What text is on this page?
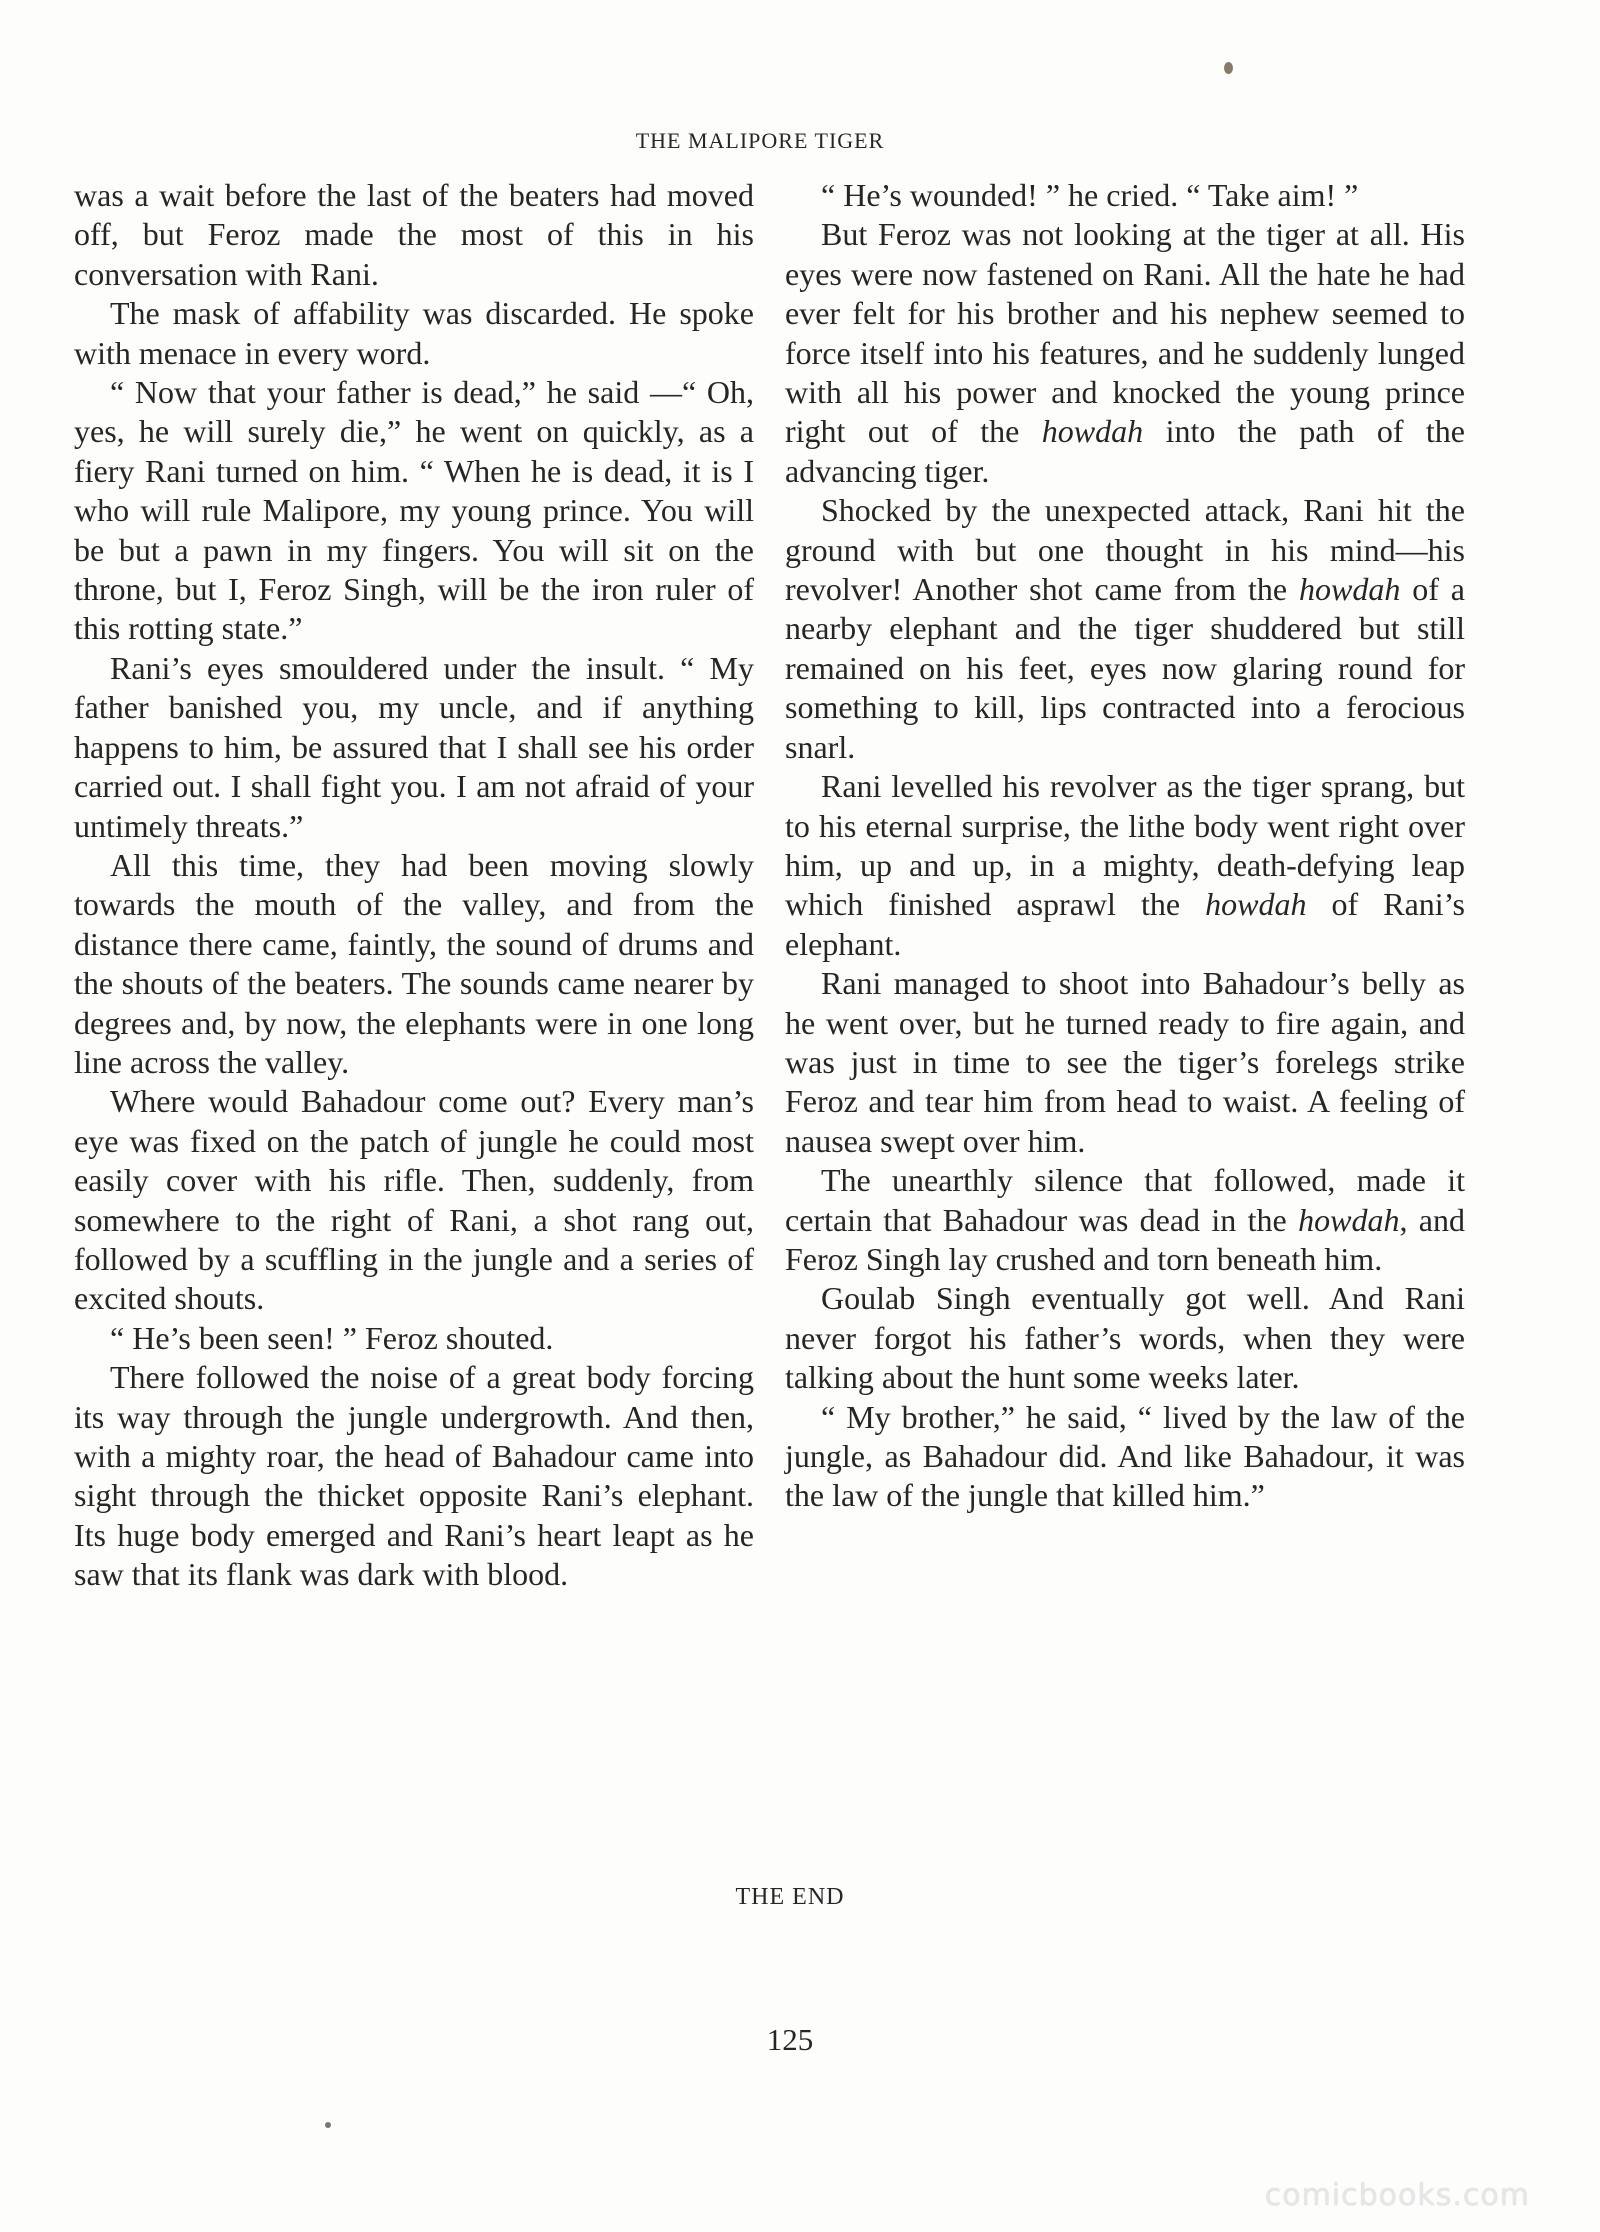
THE MALIPORE TIGER

was a wait before the last of the beaters had moved off, but Feroz made the most of this in his conversation with Rani.

The mask of affability was discarded. He spoke with menace in every word.

“ Now that your father is dead,” he said —“ Oh, yes, he will surely die,” he went on quickly, as a fiery Rani turned on him. “ When he is dead, it is I who will rule Malipore, my young prince. You will be but a pawn in my fingers. You will sit on the throne, but I, Feroz Singh, will be the iron ruler of this rotting state.”

Rani’s eyes smouldered under the insult. “ My father banished you, my uncle, and if anything happens to him, be assured that I shall see his order carried out. I shall fight you. I am not afraid of your untimely threats.”

All this time, they had been moving slowly towards the mouth of the valley, and from the distance there came, faintly, the sound of drums and the shouts of the beaters. The sounds came nearer by degrees and, by now, the elephants were in one long line across the valley.

Where would Bahadour come out? Every man’s eye was fixed on the patch of jungle he could most easily cover with his rifle. Then, suddenly, from somewhere to the right of Rani, a shot rang out, followed by a scuffling in the jungle and a series of excited shouts.

“ He’s been seen! ” Feroz shouted.

There followed the noise of a great body forcing its way through the jungle undergrowth. And then, with a mighty roar, the head of Bahadour came into sight through the thicket opposite Rani’s elephant. Its huge body emerged and Rani’s heart leapt as he saw that its flank was dark with blood.

“ He’s wounded! ” he cried. “ Take aim! ”

But Feroz was not looking at the tiger at all. His eyes were now fastened on Rani. All the hate he had ever felt for his brother and his nephew seemed to force itself into his features, and he suddenly lunged with all his power and knocked the young prince right out of the howdah into the path of the advancing tiger.

Shocked by the unexpected attack, Rani hit the ground with but one thought in his mind—his revolver! Another shot came from the howdah of a nearby elephant and the tiger shuddered but still remained on his feet, eyes now glaring round for something to kill, lips contracted into a ferocious snarl.

Rani levelled his revolver as the tiger sprang, but to his eternal surprise, the lithe body went right over him, up and up, in a mighty, death-defying leap which finished asprawl the howdah of Rani’s elephant.

Rani managed to shoot into Bahadour’s belly as he went over, but he turned ready to fire again, and was just in time to see the tiger’s forelegs strike Feroz and tear him from head to waist. A feeling of nausea swept over him.

The unearthly silence that followed, made it certain that Bahadour was dead in the howdah, and Feroz Singh lay crushed and torn beneath him.

Goulab Singh eventually got well. And Rani never forgot his father’s words, when they were talking about the hunt some weeks later.

“ My brother,” he said, “ lived by the law of the jungle, as Bahadour did. And like Bahadour, it was the law of the jungle that killed him.”

THE END
125
comicbooks.com
